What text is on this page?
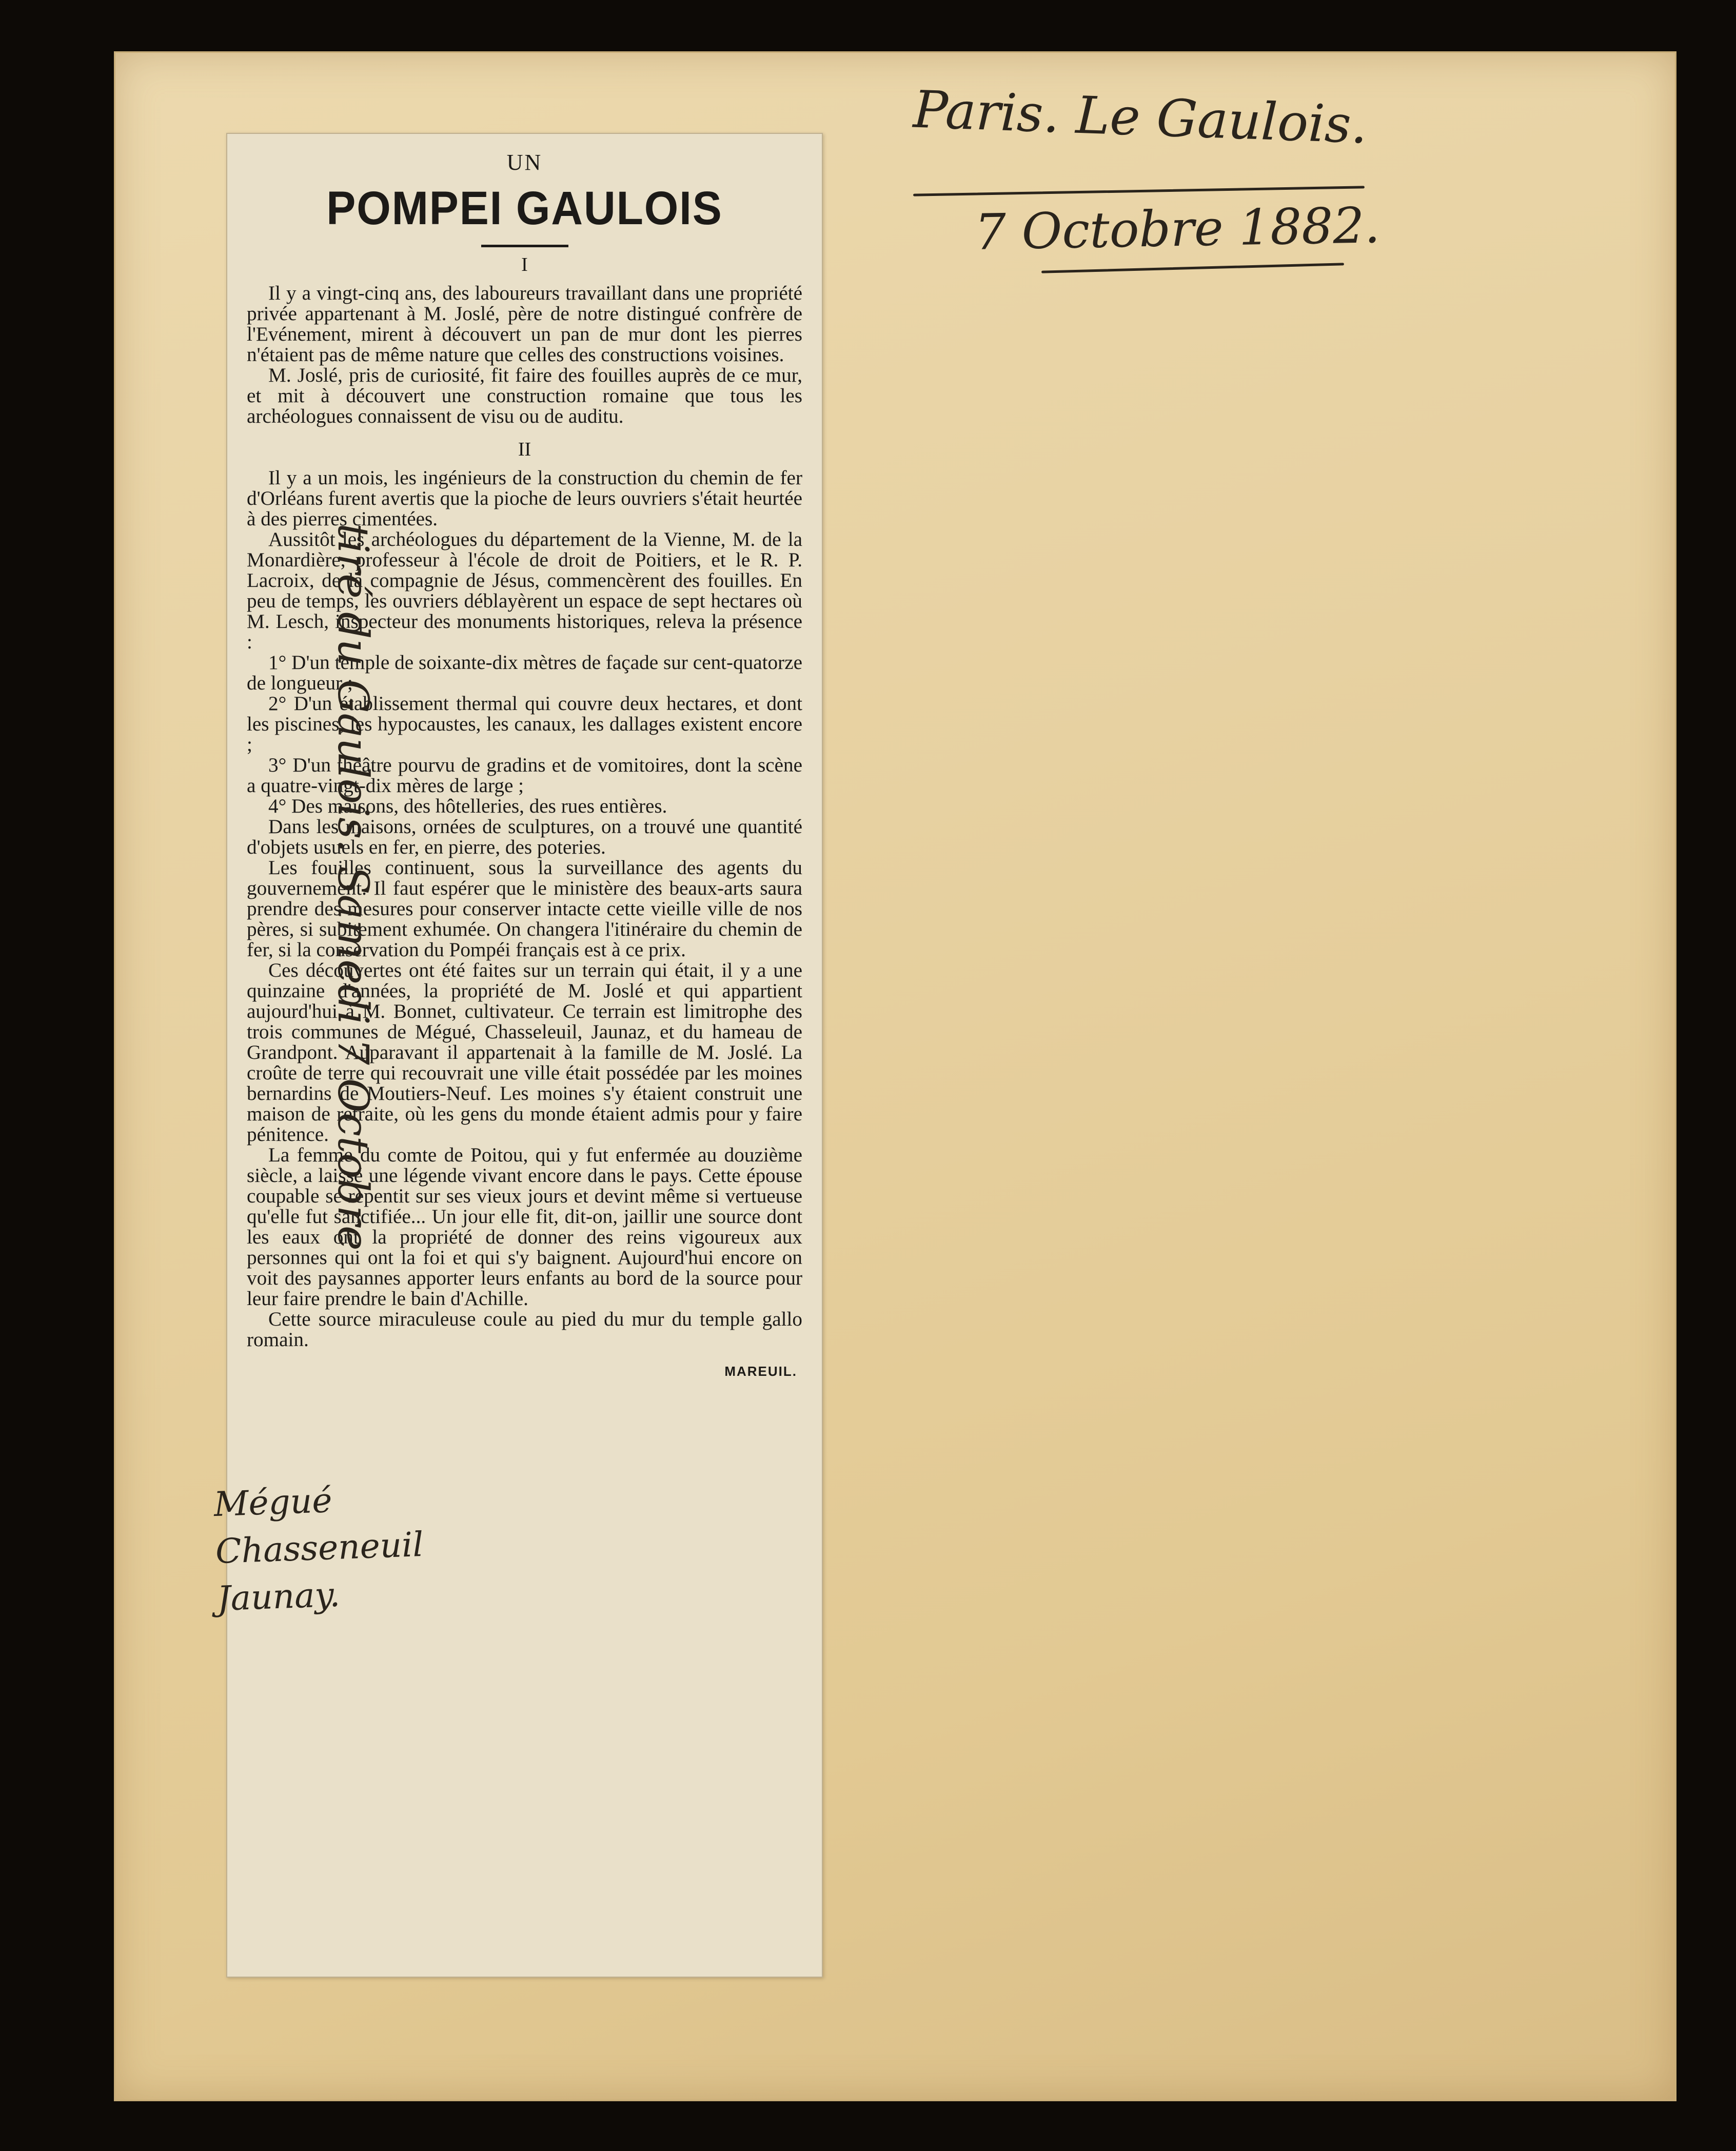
UN

POMPEI GAULOIS
I

Il y a vingt-cinq ans, des laboureurs travaillant dans une propriété privée appartenant à M. Joslé, père de notre distingué confrère de l'Evénement, mirent à découvert un pan de mur dont les pierres n'étaient pas de même nature que celles des constructions voisines.

M. Joslé, pris de curiosité, fit faire des fouilles auprès de ce mur, et mit à découvert une construction romaine que tous les archéologues connaissent de visu ou de auditu.

II

Il y a un mois, les ingénieurs de la construction du chemin de fer d'Orléans furent avertis que la pioche de leurs ouvriers s'était heurtée à des pierres cimentées.

Aussitôt les archéologues du département de la Vienne, M. de la Monardière, professeur à l'école de droit de Poitiers, et le R. P. Lacroix, de la compagnie de Jésus, commencèrent des fouilles. En peu de temps, les ouvriers déblayèrent un espace de sept hectares où M. Lesch, inspecteur des monuments historiques, releva la présence :

1° D'un temple de soixante-dix mètres de façade sur cent-quatorze de longueur ;

2° D'un établissement thermal qui couvre deux hectares, et dont les piscines, les hypocaustes, les canaux, les dallages existent encore ;

3° D'un théâtre pourvu de gradins et de vomitoires, dont la scène a quatre-vingt-dix mères de large ;

4° Des maisons, des hôtelleries, des rues entières.

Dans les maisons, ornées de sculptures, on a trouvé une quantité d'objets usuels en fer, en pierre, des poteries.

Les fouilles continuent, sous la surveillance des agents du gouvernement. Il faut espérer que le ministère des beaux-arts saura prendre des mesures pour conserver intacte cette vieille ville de nos pères, si subitement exhumée. On changera l'itinéraire du chemin de fer, si la conservation du Pompéi français est à ce prix.

Ces découvertes ont été faites sur un terrain qui était, il y a une quinzaine d'années, la propriété de M. Joslé et qui appartient aujourd'hui à M. Bonnet, cultivateur. Ce terrain est limitrophe des trois communes de Mégué, Chasseleuil, Jaunaz, et du hameau de Grandpont. Auparavant il appartenait à la famille de M. Joslé. La croûte de terre qui recouvrait une ville était possédée par les moines bernardins de Moutiers-Neuf. Les moines s'y étaient construit une maison de retraite, où les gens du monde étaient admis pour y faire pénitence.

La femme du comte de Poitou, qui y fut enfermée au douzième siècle, a laissé une légende vivant encore dans le pays. Cette épouse coupable se repentit sur ses vieux jours et devint même si vertueuse qu'elle fut sanctifiée... Un jour elle fit, dit-on, jaillir une source dont les eaux ont la propriété de donner des reins vigoureux aux personnes qui ont la foi et qui s'y baignent. Aujourd'hui encore on voit des paysannes apporter leurs enfants au bord de la source pour leur faire prendre le bain d'Achille.

Cette source miraculeuse coule au pied du mur du temple gallo romain.

MAREUIL.
Paris. Le Gaulois.
7 Octobre 1882.
tiré du Gaulois. Samedi 7 Octobre
Mégué
Chasseneuil
Jaunay.
